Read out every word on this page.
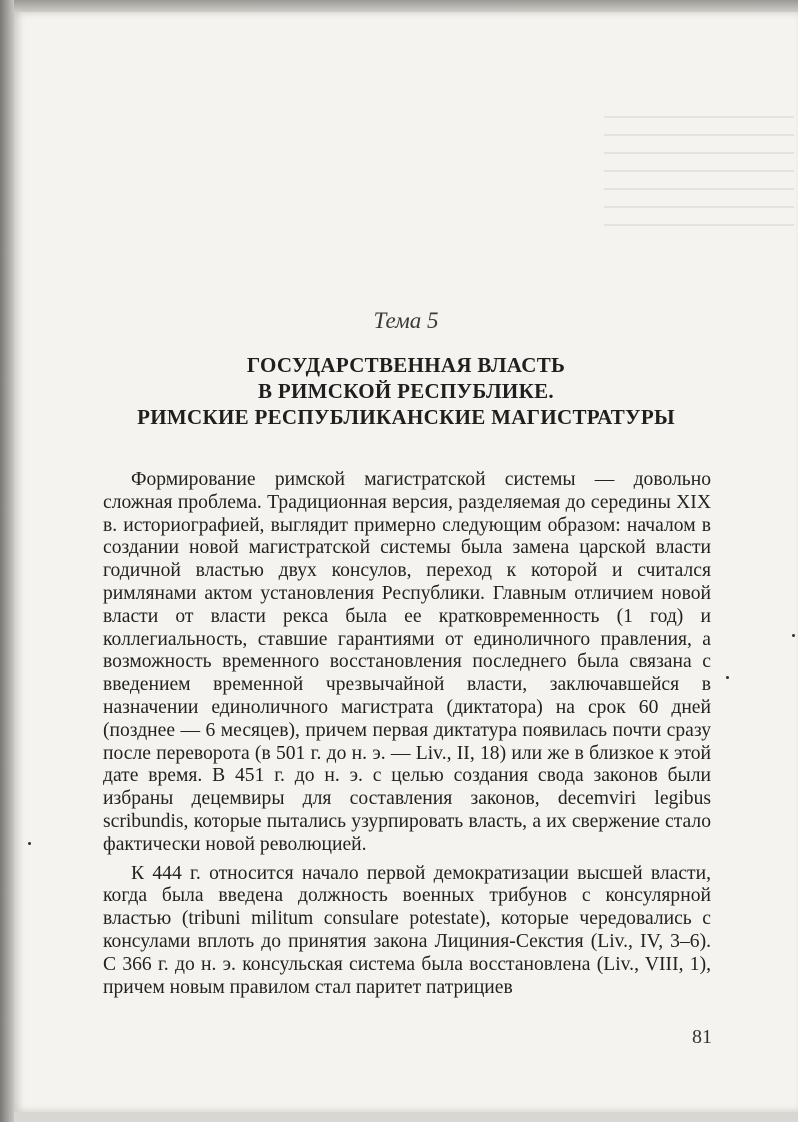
Тема 5
ГОСУДАРСТВЕННАЯ ВЛАСТЬ
В РИМСКОЙ РЕСПУБЛИКЕ.
РИМСКИЕ РЕСПУБЛИКАНСКИЕ МАГИСТРАТУРЫ

Формирование римской магистратской системы — довольно сложная проблема. Традиционная версия, разделяемая до середины XIX в. историографией, выглядит примерно следующим образом: началом в создании новой магистратской системы была замена царской власти годичной властью двух консулов, переход к которой и считался римлянами актом установления Республики. Главным отличием новой власти от власти рекса была ее кратковременность (1 год) и коллегиальность, ставшие гарантиями от единоличного правления, а возможность временного восстановления последнего была связана с введением временной чрезвычайной власти, заключавшейся в назначении единоличного магистрата (диктатора) на срок 60 дней (позднее — 6 месяцев), причем первая диктатура появилась почти сразу после переворота (в 501 г. до н. э. — Liv., II, 18) или же в близкое к этой дате время. В 451 г. до н. э. с целью создания свода законов были избраны децемвиры для составления законов, decemviri legibus scribundis, которые пытались узурпировать власть, а их свержение стало фактически новой революцией.

К 444 г. относится начало первой демократизации высшей власти, когда была введена должность военных трибунов с консулярной властью (tribuni militum consulare potestate), которые чередовались с консулами вплоть до принятия закона Лициния-Секстия (Liv., IV, 3–6). С 366 г. до н. э. консульская система была восстановлена (Liv., VIII, 1), причем новым правилом стал паритет патрициев

81
